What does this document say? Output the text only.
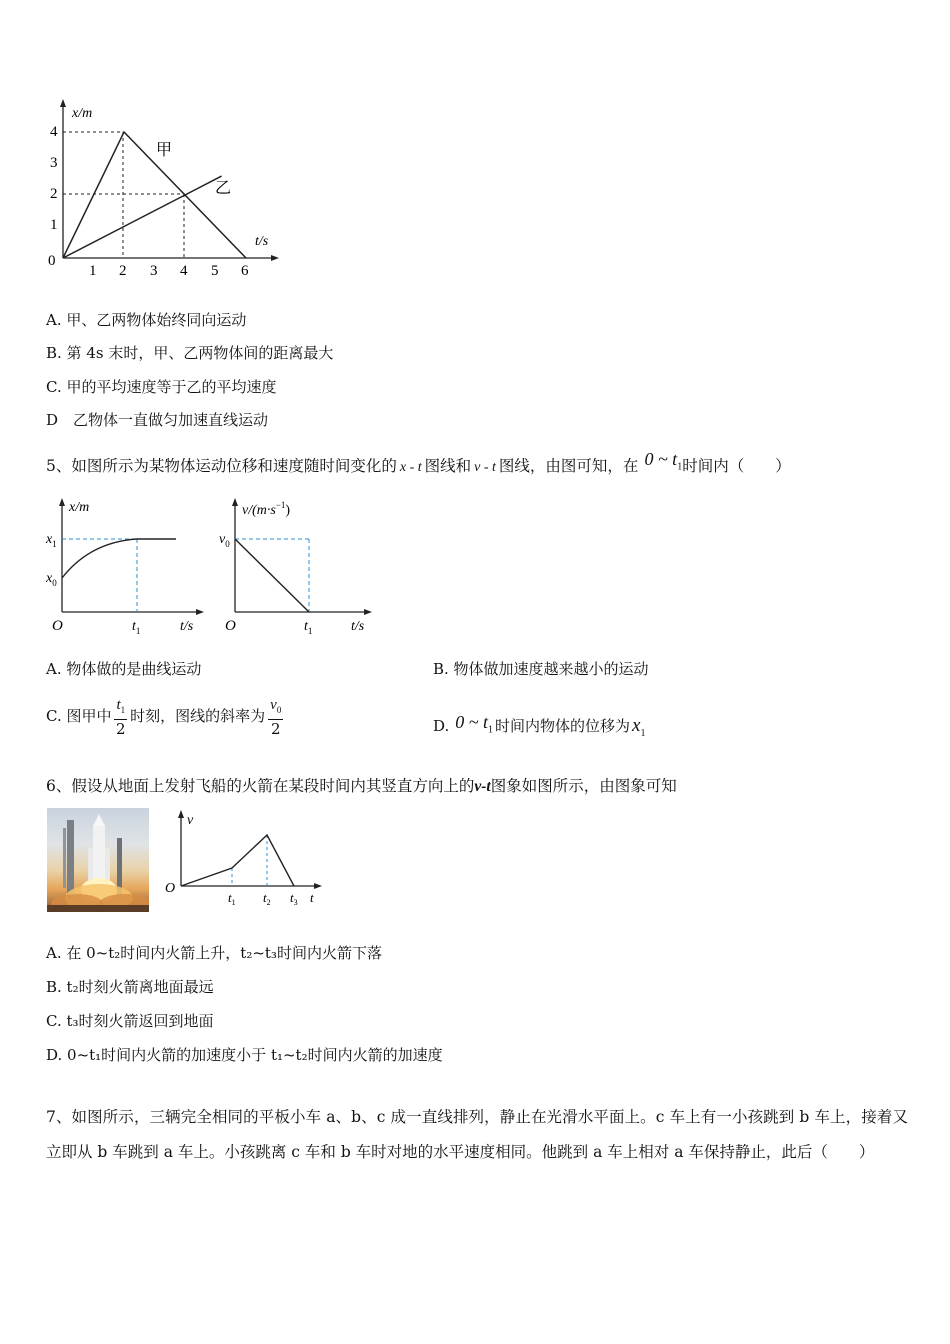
4
3
2
1
0
1 2 3 4 5 6
x/m
t/s
甲
乙
A. 甲、乙两物体始终同向运动
B. 第 4s 末时，甲、乙两物体间的距离最大
C. 甲的平均速度等于乙的平均速度
D　乙物体一直做匀加速直线运动
5、如图所示为某物体运动位移和速度随时间变化的 x - t 图线和 v - t 图线，由图可知，在 0 ~ $t_1$时间内（　　）
x/m
$x_1$
$x_0$
O	$t_1$	t/s
$v/(m\cdot s^{-1})$
$v_0$
O	$t_1$	t/s
A. 物体做的是曲线运动	B. 物体做加速度越来越小的运动
C. 图甲中 $\frac{t_1}{2}$ 时刻，图线的斜率为 $\frac{v_0}{2}$	D. 0 ~ $t_1$ 时间内物体的位移为 $x_1$
6、假设从地面上发射飞船的火箭在某段时间内其竖直方向上的v-t图象如图所示，由图象可知
v
O
$t_1$ $t_2$ $t_3$ t
A. 在 0~t₂时间内火箭上升，t₂~t₃时间内火箭下落
B. t₂时刻火箭离地面最远
C. t₃时刻火箭返回到地面
D. 0~t₁时间内火箭的加速度小于 t₁~t₂时间内火箭的加速度
7、如图所示，三辆完全相同的平板小车 a、b、c 成一直线排列，静止在光滑水平面上。c 车上有一小孩跳到 b 车上，接着又
立即从 b 车跳到 a 车上。小孩跳离 c 车和 b 车时对地的水平速度相同。他跳到 a 车上相对 a 车保持静止，此后（　　）
